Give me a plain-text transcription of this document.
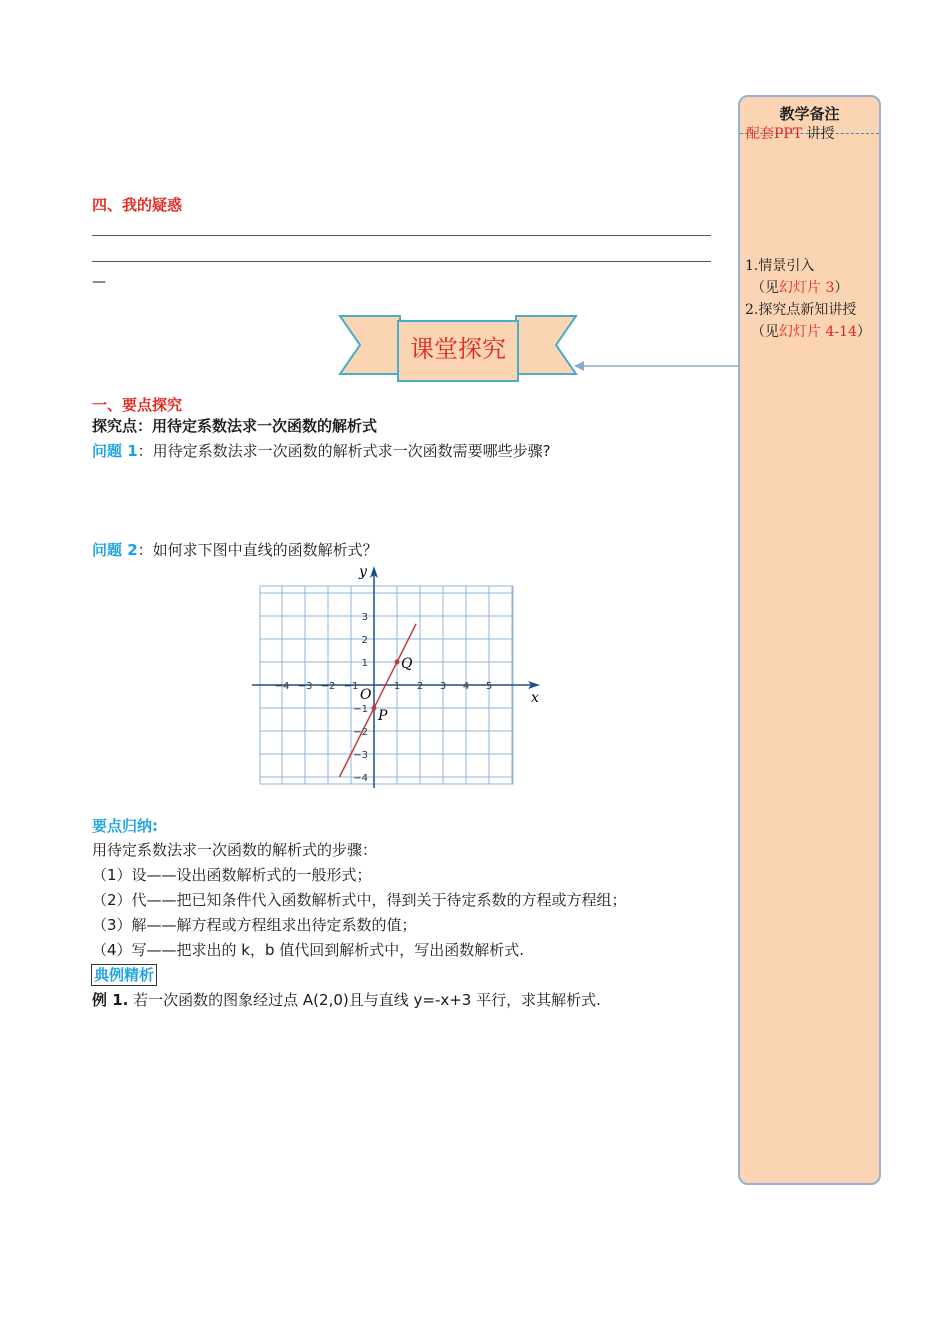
四、我的疑惑
—
课堂探究
一、要点探究
探究点：用待定系数法求一次函数的解析式
问题 1：用待定系数法求一次函数的解析式求一次函数需要哪些步骤?
问题 2：如何求下图中直线的函数解析式？
−4 −3 −2 −1	1 2 3 4 5
3
2
1
−1
−2
−3
−4
Q
P
O	x
y
要点归纳:
用待定系数法求一次函数的解析式的步骤：
（1）设——设出函数解析式的一般形式；
（2）代——把已知条件代入函数解析式中，得到关于待定系数的方程或方程组；
（3）解——解方程或方程组求出待定系数的值；
（4）写——把求出的 k，b 值代回到解析式中，写出函数解析式.
典例精析
例 1. 若一次函数的图象经过点 A(2,0)且与直线 y=-x+3 平行，求其解析式.
教学备注
配套PPT 讲授
1.情景引入
（见幻灯片 3）
2.探究点新知讲授
（见幻灯片 4-14）
